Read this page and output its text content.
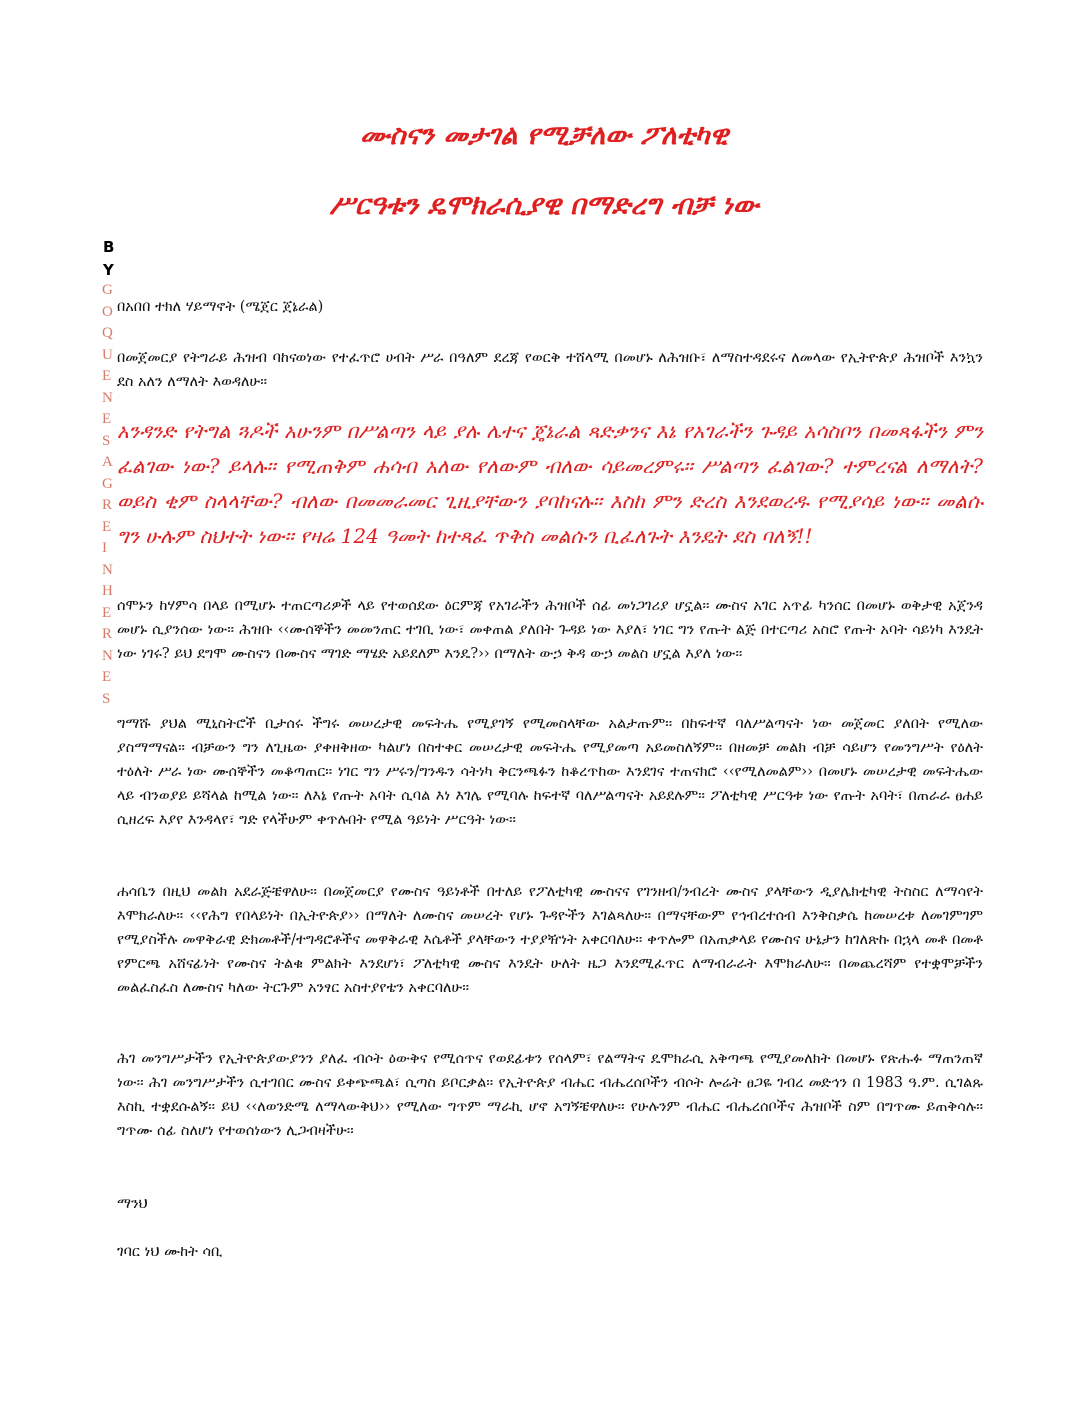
ሙስናን መታገል የሚቻለው ፖለቲካዊ
ሥርዓቱን ዴሞክራሲያዊ በማድረግ ብቻ ነው
B
Y
G
O
Q
U
E
N
E
S
A
G
R
E
I
N
H
E
R
N
E
S

በአበበ ተክለ ሃይማኖት (ሜጀር ጀኔራል)

በመጀመርያ የትግራይ ሕዝብ ባከናወነው የተፈጥሮ ሀብት ሥራ በዓለም ደረጃ የወርቅ ተሸላሚ በመሆኑ ለሕዝቡ፣ ለማስተዳደሩና ለመላው የኢትዮጵያ ሕዝቦች እንኳን ደስ አለን ለማለት እወዳለሁ፡፡

አንዳንድ የትግል ጓዶች አሁንም በሥልጣን ላይ ያሉ ሌተና ጄኔራል ጻድቃንና እኔ የአገራችን ጉዳይ አሳስቦን በመጻፋችን ምን ፈልገው ነው? ይላሉ፡፡ የሚጠቅም ሐሳብ አለው የለውም ብለው ሳይመረምሩ፡፡ ሥልጣን ፈልገው? ተምረናል ለማለት? ወይስ ቂም ስላላቸው? ብለው በመመራመር ጊዚያቸውን ያባከናሉ፡፡ እስከ ምን ድረስ እንደወረዱ የሚያሳይ ነው፡፡ መልሱ ግን ሁሉም ስህተት ነው፡፡ የዛሬ 124 ዓመት ከተጻፈ ጥቅስ መልሱን ቢፈለጉት እንዴት ደስ ባለኝ!!

ሰሞኑን ከሃምሳ በላይ በሚሆኑ ተጠርጣሪዎች ላይ የተወሰደው ዕርምጃ የአገራችን ሕዝቦች ሰፊ መነጋገሪያ ሆኗል፡፡ ሙስና አገር አጥፊ ካንሰር በመሆኑ ወቅታዊ አጀንዳ መሆኑ ሲያንሰው ነው፡፡ ሕዝቡ ‹‹ሙሰኞችን መመንጠር ተገቢ ነው፣ መቀጠል ያለበት ጉዳይ ነው እያለ፣ ነገር ግን የጡት ልጅ በተርጣሪ አስሮ የጡት አባት ሳይነካ እንዴት ነው ነገሩ? ይህ ደግሞ ሙስናን በሙስና ማገድ ማሄድ አይደለም እንዴ?›› በማለት ውኃ ቅዳ ውኃ መልስ ሆኗል እያለ ነው፡፡

ግማሹ ያህል ሚኒስትሮች ቢታሰሩ ችግሩ መሠረታዊ መፍትሔ የሚያገኝ የሚመስላቸው አልታጡም፡፡ በከፍተኛ ባለሥልጣናት ነው መጀመር ያለበት የሚለው ያስማማናል፡፡ ብቻውን ግን ለጊዜው ያቀዘቅዘው ካልሆነ በስተቀር መሠረታዊ መፍትሔ የሚያመጣ አይመስለኝም፡፡ በዘመቻ መልክ ብቻ ሳይሆን የመንግሥት የዕለት ተዕለት ሥራ ነው ሙሰኞችን መቆጣጠር፡፡ ነገር ግን ሥሩን/ግንዱን ሳትነካ ቅርንጫፉን ከቆረጥከው እንደገና ተጠናክሮ ‹‹የሚለመልም›› በመሆኑ መሠረታዊ መፍትሔው ላይ ብንወያይ ይሻላል ከሚል ነው፡፡ ለእኔ የጡት አባት ሲባል እነ እገሌ የሚባሉ ከፍተኛ ባለሥልጣናት አይደሉም፡፡ ፖለቲካዊ ሥርዓቱ ነው የጡት አባት፣ በጠራራ ፀሐይ ሲዘረፍ እያየ እንዳላየ፣ ግድ የላችሁም ቀጥሉበት የሚል ዓይነት ሥርዓት ነው፡፡

ሐሳቤን በዚህ መልክ አደራጅቼዋለሁ፡፡ በመጀመርያ የሙስና ዓይነቶች በተለይ የፖለቲካዊ ሙስናና የገንዘብ/ንብረት ሙስና ያላቸውን ዲያሌክቲካዊ ትስስር ለማሳየት እሞክራለሁ፡፡ ‹‹የሕግ የበላይነት በኢትዮጵያ›› በማለት ለሙስና መሠረት የሆኑ ጉዳዮችን እገልጻለሁ፡፡ በማናቸውም የኅብረተሰብ እንቅስቃሴ ከመሠረቱ ለመገምገም የሚያስችሉ መዋቅራዊ ድክመቶች/ተግዳሮቶችና መዋቅራዊ እሴቶች ያላቸውን ተያያዥነት አቀርባለሁ፡፡ ቀጥሎም በአጠቃላይ የሙስና ሁኔታን ከገለጽኩ በኋላ መቶ በመቶ የምርጫ አሸናፊነት የሙስና ትልቁ ምልክት እንደሆነ፣ ፖለቲካዊ ሙስና እንዴት ሁለት ዜጋ እንደሚፈጥር ለማብራራት እሞክራለሁ፡፡ በመጨረሻም የተቋሞቻችን መልፈስፈስ ለሙስና ካለው ትርጉም አንፃር አስተያየቴን አቀርባለሁ፡፡

ሕገ መንግሥታችን የኢትዮጵያውያንን ያለፈ ብሶት ዕውቅና የሚሰጥና የወደፊቱን የሰላም፣ የልማትና ዴሞክራሲ አቅጣጫ የሚያመለክት በመሆኑ የጽሑፉ ማጠንጠኛ ነው፡፡ ሕገ መንግሥታችን ሲተገበር ሙስና ይቀጭጫል፣ ሲጣስ ይቦርቃል፡፡ የኢትዮጵያ ብሔር ብሔረሰቦችን ብሶት ሎሬት ፀጋዬ ገብረ መድኅን በ 1983 ዓ.ም. ሲገልጹ እስኪ ተቋደሱልኝ፡፡ ይህ ‹‹ለወንድሜ ለማላውቅህ›› የሚለው ግጥም ማራኪ ሆኖ አግኝቼዋለሁ፡፡ የሁሉንም ብሔር ብሔረሰቦችና ሕዝቦች ስም በግጥሙ ይጠቅሳሉ፡፡ ግጥሙ ሰፊ ስለሆነ የተወሰነውን ሊጋብዛችሁ፡፡

ማንህ

ገባር ነህ ሙከት ሳቢ
